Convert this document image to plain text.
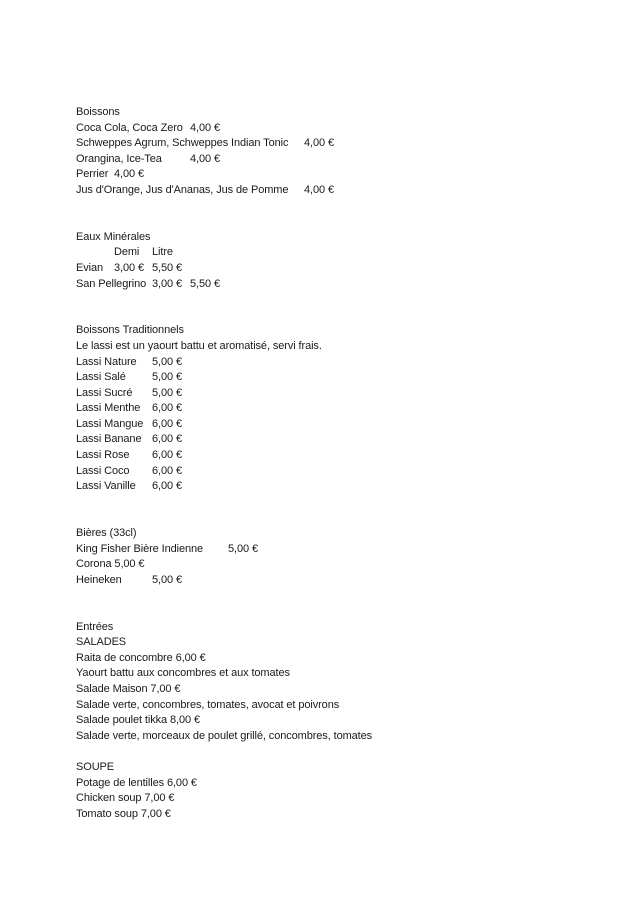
Boissons
Coca Cola, Coca Zero	4,00 €
Schweppes Agrum, Schweppes Indian Tonic	4,00 €
Orangina, Ice-Tea	4,00 €
Perrier	4,00 €
Jus d'Orange, Jus d'Ananas, Jus de Pomme	4,00 €
Eaux Minérales
	Demi	Litre
Evian	3,00 €	5,50 €
San Pellegrino	3,00 €	5,50 €
Boissons Traditionnels
Le lassi est un yaourt battu et aromatisé, servi frais.
Lassi Nature	5,00 €
Lassi Salé	5,00 €
Lassi Sucré	5,00 €
Lassi Menthe	6,00 €
Lassi Mangue	6,00 €
Lassi Banane	6,00 €
Lassi Rose	6,00 €
Lassi Coco	6,00 €
Lassi Vanille	6,00 €
Bières (33cl)
King Fisher Bière Indienne	5,00 €
Corona 5,00 €
Heineken	5,00 €
Entrées
SALADES
Raita de concombre 6,00 €
Yaourt battu aux concombres et aux tomates
Salade Maison 7,00 €
Salade verte, concombres, tomates, avocat et poivrons
Salade poulet tikka 8,00 €
Salade verte, morceaux de poulet grillé, concombres, tomates
SOUPE
Potage de lentilles 6,00 €
Chicken soup 7,00 €
Tomato soup 7,00 €
